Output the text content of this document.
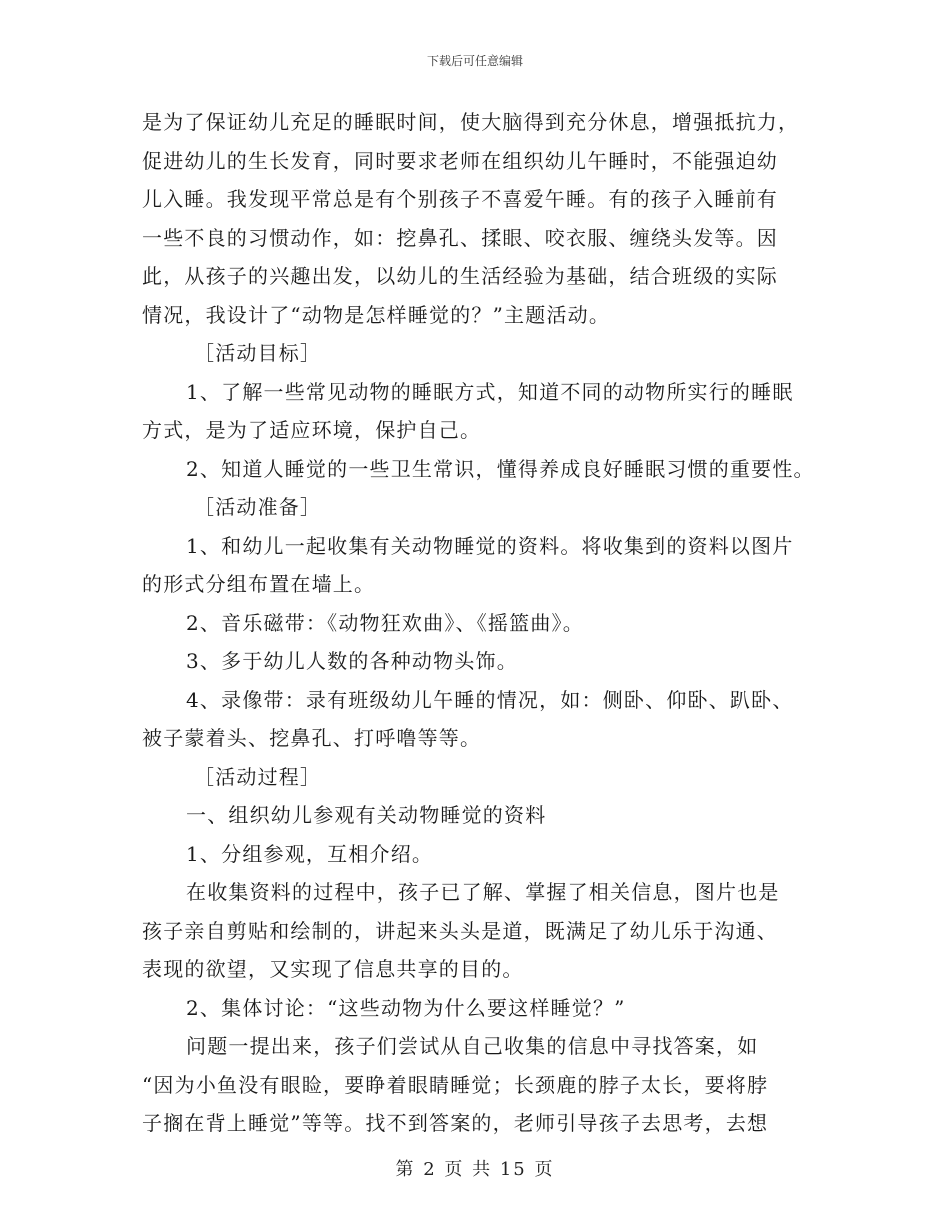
下载后可任意编辑
是为了保证幼儿充足的睡眠时间，使大脑得到充分休息，增强抵抗力，
促进幼儿的生长发育，同时要求老师在组织幼儿午睡时，不能强迫幼
儿入睡。我发现平常总是有个别孩子不喜爱午睡。有的孩子入睡前有
一些不良的习惯动作，如：挖鼻孔、揉眼、咬衣服、缠绕头发等。因
此，从孩子的兴趣出发，以幼儿的生活经验为基础，结合班级的实际
情况，我设计了“动物是怎样睡觉的？”主题活动。
［活动目标］
1、了解一些常见动物的睡眠方式，知道不同的动物所实行的睡眠
方式，是为了适应环境，保护自己。
2、知道人睡觉的一些卫生常识，懂得养成良好睡眠习惯的重要性。
［活动准备］
1、和幼儿一起收集有关动物睡觉的资料。将收集到的资料以图片
的形式分组布置在墙上。
2、音乐磁带：《动物狂欢曲》、《摇篮曲》。
3、多于幼儿人数的各种动物头饰。
4、录像带：录有班级幼儿午睡的情况，如：侧卧、仰卧、趴卧、
被子蒙着头、挖鼻孔、打呼噜等等。
［活动过程］
一、组织幼儿参观有关动物睡觉的资料
1、分组参观，互相介绍。
在收集资料的过程中，孩子已了解、掌握了相关信息，图片也是
孩子亲自剪贴和绘制的，讲起来头头是道，既满足了幼儿乐于沟通、
表现的欲望，又实现了信息共享的目的。
2、集体讨论：“这些动物为什么要这样睡觉？”
问题一提出来，孩子们尝试从自己收集的信息中寻找答案，如
“因为小鱼没有眼睑，要睁着眼睛睡觉；长颈鹿的脖子太长，要将脖
子搁在背上睡觉”等等。找不到答案的，老师引导孩子去思考，去想
第 2 页 共 15 页
